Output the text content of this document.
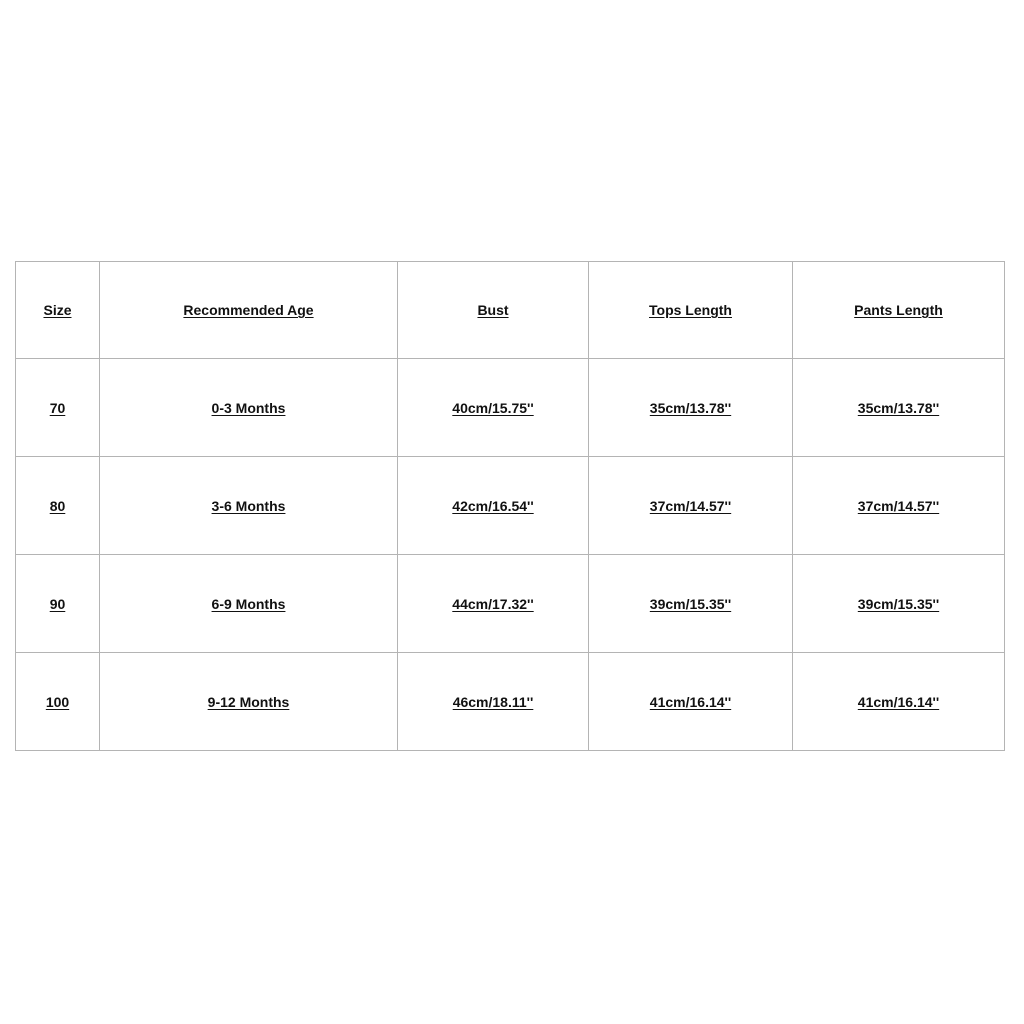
Size	Recommended Age	Bust	Tops Length	Pants Length
70	0-3 Months	40cm/15.75''	35cm/13.78''	35cm/13.78''
80	3-6 Months	42cm/16.54''	37cm/14.57''	37cm/14.57''
90	6-9 Months	44cm/17.32''	39cm/15.35''	39cm/15.35''
100	9-12 Months	46cm/18.11''	41cm/16.14''	41cm/16.14''
